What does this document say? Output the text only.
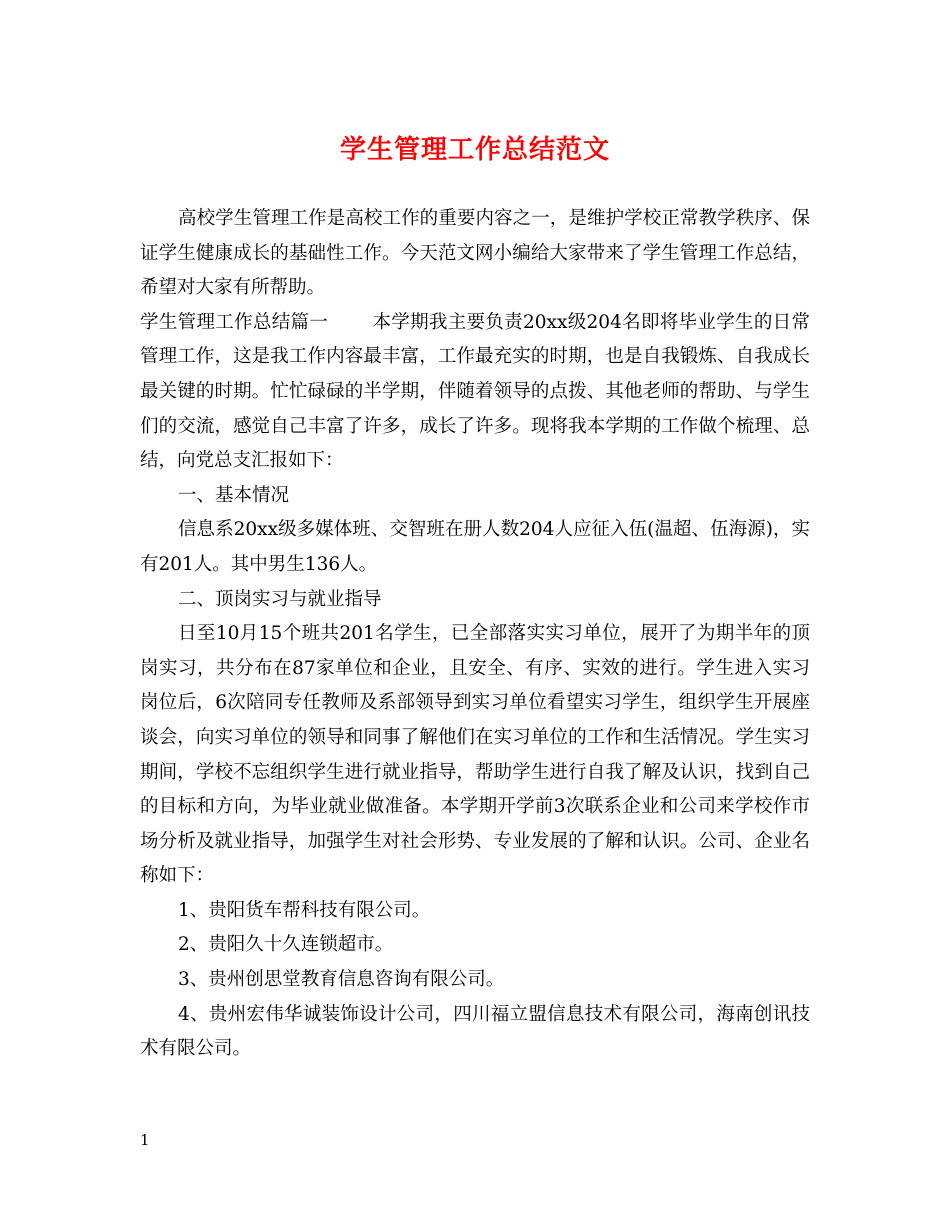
学生管理工作总结范文

高校学生管理工作是高校工作的重要内容之一，是维护学校正常教学秩序、保证学生健康成长的基础性工作。今天范文网小编给大家带来了学生管理工作总结，希望对大家有所帮助。

学生管理工作总结篇一 本学期我主要负责20xx级204名即将毕业学生的日常管理工作，这是我工作内容最丰富，工作最充实的时期，也是自我锻炼、自我成长最关键的时期。忙忙碌碌的半学期，伴随着领导的点拨、其他老师的帮助、与学生们的交流，感觉自己丰富了许多，成长了许多。现将我本学期的工作做个梳理、总结，向党总支汇报如下：

一、基本情况

信息系20xx级多媒体班、交智班在册人数204人应征入伍(温超、伍海源)，实有201人。其中男生136人。

二、顶岗实习与就业指导

日至10月15个班共201名学生，已全部落实实习单位，展开了为期半年的顶岗实习，共分布在87家单位和企业，且安全、有序、实效的进行。学生进入实习岗位后，6次陪同专任教师及系部领导到实习单位看望实习学生，组织学生开展座谈会，向实习单位的领导和同事了解他们在实习单位的工作和生活情况。学生实习期间，学校不忘组织学生进行就业指导，帮助学生进行自我了解及认识，找到自己的目标和方向，为毕业就业做准备。本学期开学前3次联系企业和公司来学校作市场分析及就业指导，加强学生对社会形势、专业发展的了解和认识。公司、企业名称如下：

1、贵阳货车帮科技有限公司。

2、贵阳久十久连锁超市。

3、贵州创思堂教育信息咨询有限公司。

4、贵州宏伟华诚装饰设计公司，四川福立盟信息技术有限公司，海南创讯技术有限公司。

1
